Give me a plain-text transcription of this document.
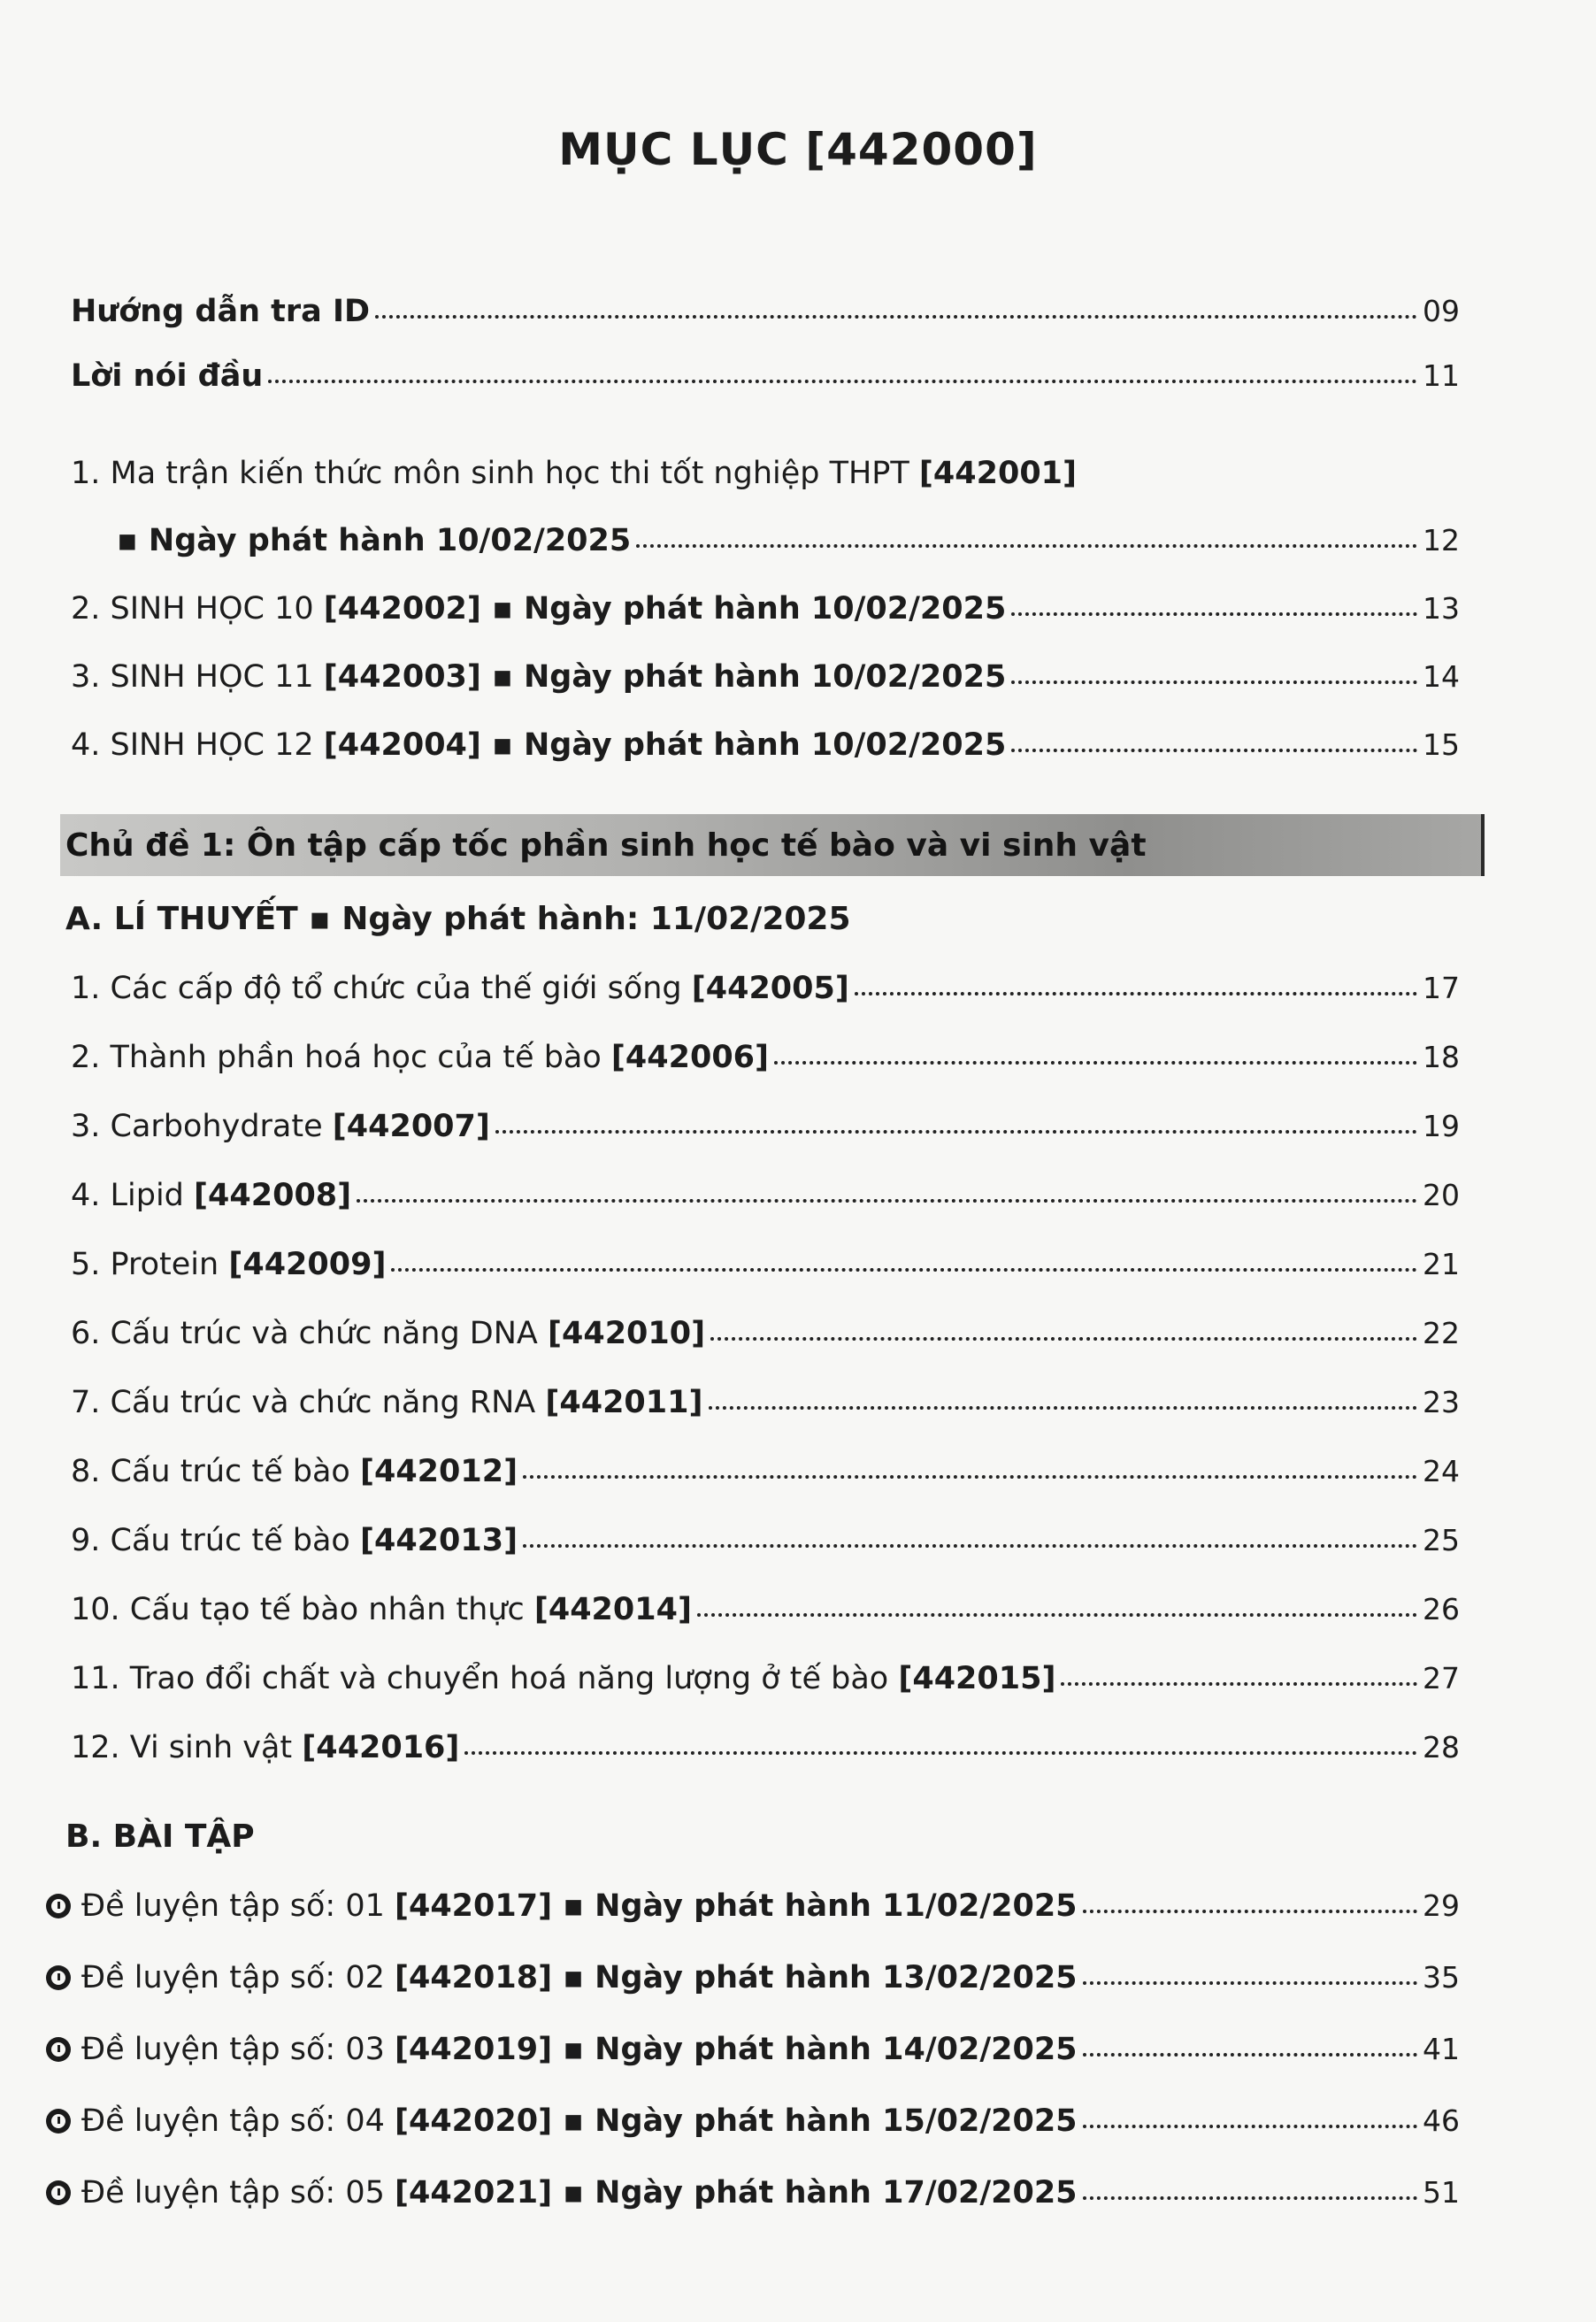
MỤC LỤC [442000]
Hướng dẫn tra ID	09
Lời nói đầu	11
1. Ma trận kiến thức môn sinh học thi tốt nghiệp THPT [442001]
▪ Ngày phát hành 10/02/2025	12
2. SINH HỌC 10 [442002] ▪ Ngày phát hành 10/02/2025	13
3. SINH HỌC 11 [442003] ▪ Ngày phát hành 10/02/2025	14
4. SINH HỌC 12 [442004] ▪ Ngày phát hành 10/02/2025	15
Chủ đề 1: Ôn tập cấp tốc phần sinh học tế bào và vi sinh vật
A. LÍ THUYẾT ▪ Ngày phát hành: 11/02/2025
1. Các cấp độ tổ chức của thế giới sống [442005]	17
2. Thành phần hoá học của tế bào [442006]	18
3. Carbohydrate [442007]	19
4. Lipid [442008]	20
5. Protein [442009]	21
6. Cấu trúc và chức năng DNA [442010]	22
7. Cấu trúc và chức năng RNA [442011]	23
8. Cấu trúc tế bào [442012]	24
9. Cấu trúc tế bào [442013]	25
10. Cấu tạo tế bào nhân thực [442014]	26
11. Trao đổi chất và chuyển hoá năng lượng ở tế bào [442015]	27
12. Vi sinh vật [442016]	28
B. BÀI TẬP
Đề luyện tập số: 01 [442017] ▪ Ngày phát hành 11/02/2025	29
Đề luyện tập số: 02 [442018] ▪ Ngày phát hành 13/02/2025	35
Đề luyện tập số: 03 [442019] ▪ Ngày phát hành 14/02/2025	41
Đề luyện tập số: 04 [442020] ▪ Ngày phát hành 15/02/2025	46
Đề luyện tập số: 05 [442021] ▪ Ngày phát hành 17/02/2025	51
